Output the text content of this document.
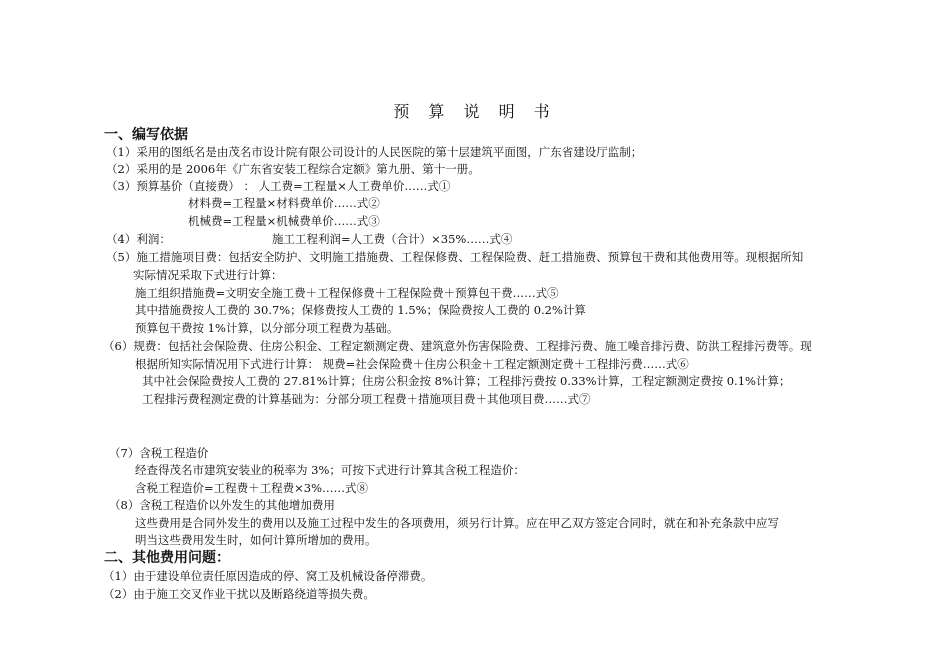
预 算 说 明 书
一、编写依据
（1）采用的图纸名是由茂名市设计院有限公司设计的人民医院的第十层建筑平面图，广东省建设厅监制；
（2）采用的是 2006年《广东省安装工程综合定额》第九册、第十一册。
（3）预算基价（直接费） ： 人工费=工程量×人工费单价……式①
材料费=工程量×材料费单价……式②
机械费=工程量×机械费单价……式③
（4）利润：	施工工程利润=人工费（合计）×35%……式④
（5）施工措施项目费：包括安全防护、文明施工措施费、工程保修费、工程保险费、赶工措施费、预算包干费和其他费用等。现根据所知
实际情况采取下式进行计算：
施工组织措施费=文明安全施工费＋工程保修费＋工程保险费＋预算包干费……式⑤
其中措施费按人工费的 30.7%；保修费按人工费的 1.5%；保险费按人工费的 0.2%计算
预算包干费按 1%计算，以分部分项工程费为基础。
（6）规费：包括社会保险费、住房公积金、工程定额测定费、建筑意外伤害保险费、工程排污费、施工噪音排污费、防洪工程排污费等。现
根据所知实际情况用下式进行计算： 规费=社会保险费＋住房公积金＋工程定额测定费＋工程排污费……式⑥
其中社会保险费按人工费的 27.81%计算；住房公积金按 8%计算；工程排污费按 0.33%计算，工程定额测定费按 0.1%计算；
工程排污费程测定费的计算基础为：分部分项工程费＋措施项目费＋其他项目费……式⑦
（7）含税工程造价
经查得茂名市建筑安装业的税率为 3%；可按下式进行计算其含税工程造价：
含税工程造价=工程费＋工程费×3%……式⑧
（8）含税工程造价以外发生的其他增加费用
这些费用是合同外发生的费用以及施工过程中发生的各项费用，须另行计算。应在甲乙双方签定合同时，就在和补充条款中应写
明当这些费用发生时，如何计算所增加的费用。
二、其他费用问题：
（1）由于建设单位责任原因造成的停、窝工及机械设备停滞费。
（2）由于施工交叉作业干扰以及断路绕道等损失费。
